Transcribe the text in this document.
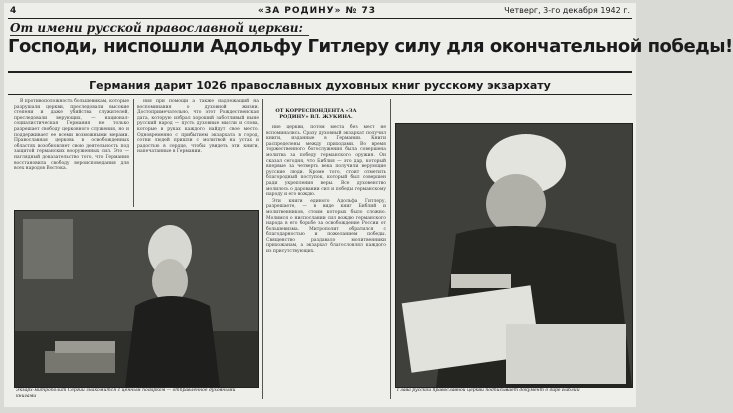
4	«ЗА РОДИНУ» № 73	Четверг, 3-го декабря 1942 г.
От имени русской православной церкви:
Господи, ниспошли Адольфу Гитлеру силу для окончательной победы!
Германия дарит 1026 православных духовных книг русскому экзархату

В противоположность большевикам, которые разрушали церкви, преследовали высокие степени и даже убийства служителей, преследовали верующих, — национал-социалистическая Германия не только разрешает свободу церковного служения, но и поддерживает ее всеми возможными мерами. Православная церковь в освобожденных областях возобновляет свою деятельность под защитой германских вооруженных сил. Это — наглядный доказательство того, что Германия восстановила свободу вероисповедания для всех народов Востока.

ния при помощи а также надлежащий на воспоминания о духовной жизни. Достопримечательно, что этот Рождественская дата, которую избрал хороший заботливый ныне русский народ — пусть духовные мысли и слова, которые в руках каждого найдут свое место. Одновременно с прибытием экзархата в город, сотни людей пришли с молитвой на устах и радостью в сердце, чтобы увидеть эти книги, напечатанные в Германии.

ОТ КОРРЕСПОНДЕНТА «ЗА РОДИНУ» ВЛ. ЖУКИНА.

ние церкви, потом места без мест не вспоминались. Сразу духовный экзархат получил книги, изданные в Германии. Книги распределены между приходами. Во время торжественного богослужения была совершена молитва за победу германского оружия. Он сказал сегодня, что Библия — это дар, который впервые за четверть века получили верующие русские люди. Кроме того, стоит отметить благородный поступок, который был совершен ради укрепления веры. Все духовенство молилось о даровании сил и победы германскому народу и его вождю.

Эти книги единого Адольфа Гитлеру, разрешаете, — в виде книг Библий и молитвенников, стоим которых было сложно. Молимся о ниспослании сил вождю германского народа в его борьбе за освобождение России от большевизма. Митрополит обратился с благодарностью и пожеланием победы. Священство раздавало молитвенники прихожанам, а экзархат благословлял каждого из присутствующих.

Экзарх-митрополит Сергий знакомится с ценным подарком — отправленное духовными книгами
Глава русской православной церкви подписывает документ о даре Библий
